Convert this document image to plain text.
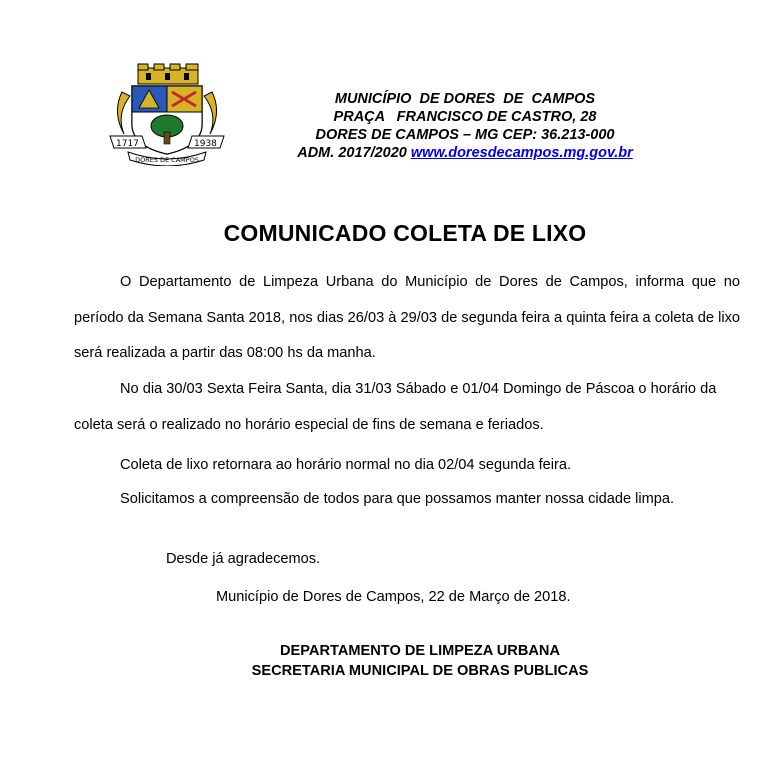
1717	1938
DORES DE CAMPOS
MUNICÍPIO  DE DORES  DE  CAMPOS
PRAÇA   FRANCISCO DE CASTRO, 28
DORES DE CAMPOS – MG CEP: 36.213-000
ADM. 2017/2020 www.doresdecampos.mg.gov.br
COMUNICADO COLETA DE LIXO

O Departamento de Limpeza Urbana do Município de Dores de Campos, informa que no período da Semana Santa 2018, nos dias 26/03 à 29/03 de segunda feira a quinta feira a coleta de lixo será realizada a partir das 08:00 hs da manha.

No dia 30/03 Sexta Feira Santa, dia 31/03 Sábado e 01/04 Domingo de Páscoa o horário da coleta será o realizado no horário especial de fins de semana e feriados.

Coleta de lixo retornara ao horário normal no dia 02/04 segunda feira.

Solicitamos a compreensão de todos para que possamos manter nossa cidade limpa.

Desde já agradecemos.
Município de Dores de Campos, 22 de Março de 2018.
DEPARTAMENTO DE LIMPEZA URBANA
SECRETARIA MUNICIPAL DE OBRAS PUBLICAS
